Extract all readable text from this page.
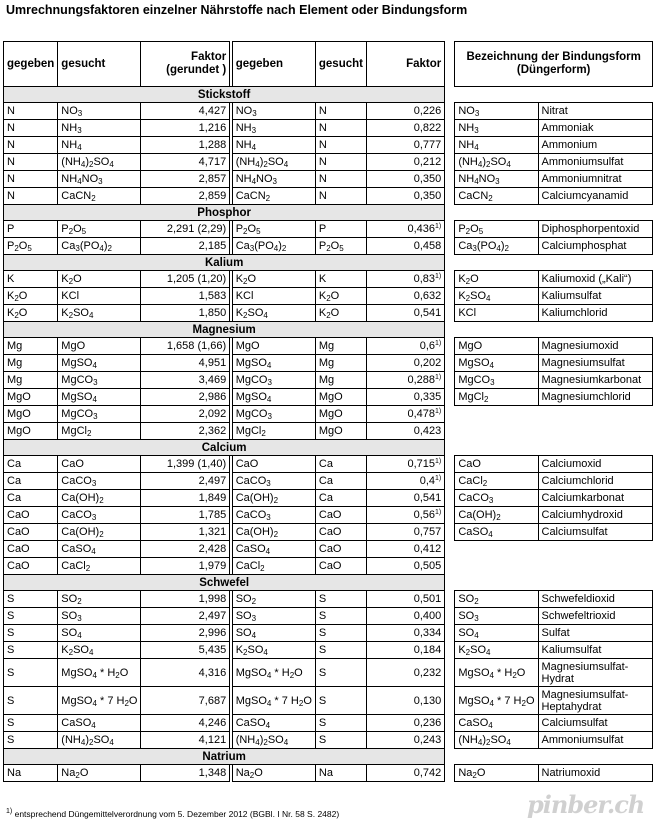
Umrechnungsfaktoren einzelner Nährstoffe nach Element oder Bindungsform
gegeben	gesucht	Faktor (gerundet )		gegeben	gesucht	Faktor		Bezeichnung der Bindungsform (Düngerform)	
Stickstoff									
N	$NO_3$	4,427		$NO_3$	N	0,226		$NO_3$	Nitrat
N	$NH_3$	1,216		$NH_3$	N	0,822		$NH_3$	Ammoniak
N	$NH_4$	1,288		$NH_4$	N	0,777		$NH_4$	Ammonium
N	$(NH_4)_2SO_4$	4,717		$(NH_4)_2SO_4$	N	0,212		$(NH_4)_2SO_4$	Ammoniumsulfat
N	$NH_4NO_3$	2,857		$NH_4NO_3$	N	0,350		$NH_4NO_3$	Ammoniumnitrat
N	CaCN$_2$	2,859		CaCN$_2$	N	0,350		CaCN$_2$	Calciumcyanamid
Phosphor									
P	$P_2O_5$	2,291 (2,29)		$P_2O_5$	P	0,436$^{1)}$		$P_2O_5$	Diphosphorpentoxid
$P_2O_5$	$Ca_3(PO_4)_2$	2,185		$Ca_3(PO_4)_2$	$P_2O_5$	0,458		$Ca_3(PO_4)_2$	Calciumphosphat
Kalium									
K	$K_2O$	1,205 (1,20)		$K_2O$	K	0,83$^{1)}$		$K_2O$	Kaliumoxid („Kali“)
$K_2O$	KCl	1,583		KCl	$K_2O$	0,632		$K_2SO_4$	Kaliumsulfat
$K_2O$	$K_2SO_4$	1,850		$K_2SO_4$	$K_2O$	0,541		KCl	Kaliumchlorid
Magnesium									
Mg	MgO	1,658 (1,66)		MgO	Mg	0,6$^{1)}$		MgO	Magnesiumoxid
Mg	MgSO$_4$	4,951		MgSO$_4$	Mg	0,202		MgSO$_4$	Magnesiumsulfat
Mg	MgCO$_3$	3,469		MgCO$_3$	Mg	0,288$^{1)}$		MgCO$_3$	Magnesiumkarbonat
MgO	MgSO$_4$	2,986		MgSO$_4$	MgO	0,335		MgCl$_2$	Magnesiumchlorid
MgO	MgCO$_3$	2,092		MgCO$_3$	MgO	0,478$^{1)}$			
MgO	MgCl$_2$	2,362		MgCl$_2$	MgO	0,423			
Calcium									
Ca	CaO	1,399 (1,40)		CaO	Ca	0,715$^{1)}$		CaO	Calciumoxid
Ca	CaCO$_3$	2,497		CaCO$_3$	Ca	0,4$^{1)}$		CaCl$_2$	Calciumchlorid
Ca	$Ca(OH)_2$	1,849		$Ca(OH)_2$	Ca	0,541		CaCO$_3$	Calciumkarbonat
CaO	CaCO$_3$	1,785		CaCO$_3$	CaO	0,56$^{1)}$		$Ca(OH)_2$	Calciumhydroxid
CaO	$Ca(OH)_2$	1,321		$Ca(OH)_2$	CaO	0,757		CaSO$_4$	Calciumsulfat
CaO	CaSO$_4$	2,428		CaSO$_4$	CaO	0,412			
CaO	CaCl$_2$	1,979		CaCl$_2$	CaO	0,505			
Schwefel									
S	$SO_2$	1,998		$SO_2$	S	0,501		$SO_2$	Schwefeldioxid
S	$SO_3$	2,497		$SO_3$	S	0,400		$SO_3$	Schwefeltrioxid
S	$SO_4$	2,996		$SO_4$	S	0,334		$SO_4$	Sulfat
S	$K_2SO_4$	5,435		$K_2SO_4$	S	0,184		$K_2SO_4$	Kaliumsulfat
S	MgSO$_4$ * $H_2O$	4,316		MgSO$_4$ * $H_2O$	S	0,232		MgSO$_4$ * $H_2O$	Magnesiumsulfat-Hydrat
S	MgSO$_4$ * 7 $H_2O$	7,687		MgSO$_4$ * 7 $H_2O$	S	0,130		MgSO$_4$ * 7 $H_2O$	Magnesiumsulfat-Heptahydrat
S	CaSO$_4$	4,246		CaSO$_4$	S	0,236		CaSO$_4$	Calciumsulfat
S	$(NH_4)_2SO_4$	4,121		$(NH_4)_2SO_4$	S	0,243		$(NH_4)_2SO_4$	Ammoniumsulfat
Natrium									
Na	$Na_2O$	1,348		$Na_2O$	Na	0,742		$Na_2O$	Natriumoxid
$^{1)}$ entsprechend Düngemittelverordnung vom 5. Dezember 2012 (BGBl. I Nr. 58 S. 2482)	pinber.ch
